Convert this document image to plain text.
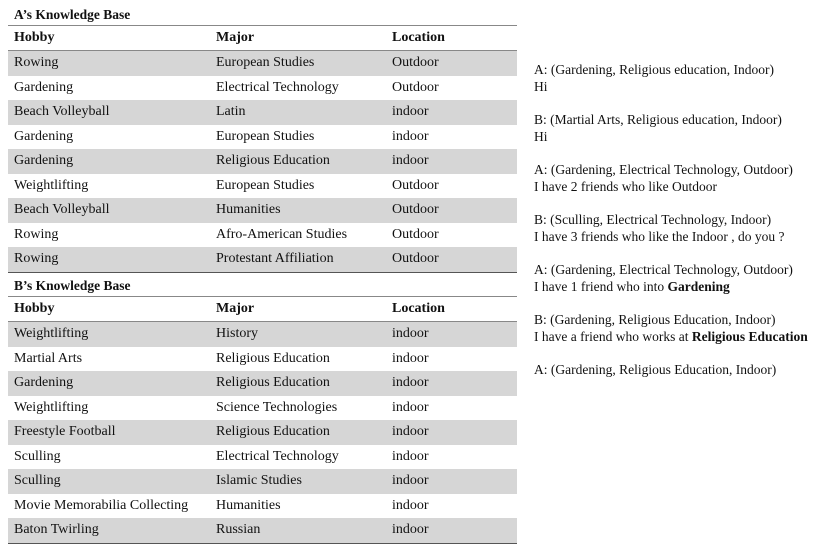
A’s Knowledge Base
Hobby	Major	Location
Rowing	European Studies	Outdoor
Gardening	Electrical Technology	Outdoor
Beach Volleyball	Latin	indoor
Gardening	European Studies	indoor
Gardening	Religious Education	indoor
Weightlifting	European Studies	Outdoor
Beach Volleyball	Humanities	Outdoor
Rowing	Afro-American Studies	Outdoor
Rowing	Protestant Affiliation	Outdoor
B’s Knowledge Base
Hobby	Major	Location
Weightlifting	History	indoor
Martial Arts	Religious Education	indoor
Gardening	Religious Education	indoor
Weightlifting	Science Technologies	indoor
Freestyle Football	Religious Education	indoor
Sculling	Electrical Technology	indoor
Sculling	Islamic Studies	indoor
Movie Memorabilia Collecting	Humanities	indoor
Baton Twirling	Russian	indoor
A: (Gardening, Religious education, Indoor)
Hi
B: (Martial Arts, Religious education, Indoor)
Hi
A: (Gardening, Electrical Technology, Outdoor)
I have 2 friends who like Outdoor
B: (Sculling, Electrical Technology, Indoor)
I have 3 friends who like the Indoor , do you ?
A: (Gardening, Electrical Technology, Outdoor)
I have 1 friend who into Gardening
B: (Gardening, Religious Education, Indoor)
I have a friend who works at Religious Education
A: (Gardening, Religious Education, Indoor)
